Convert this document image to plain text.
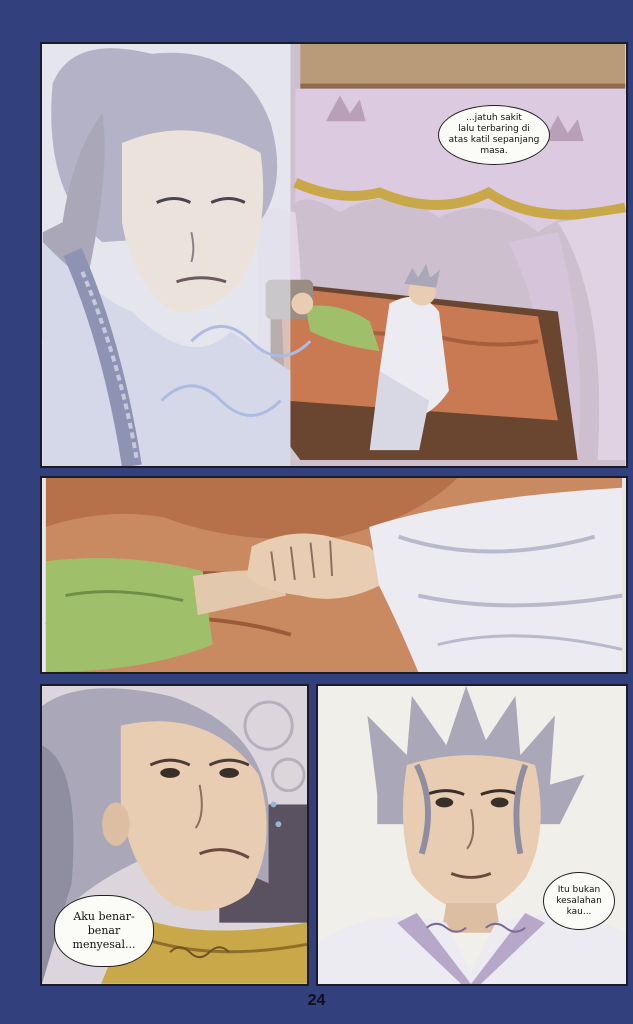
...jatuh sakit
lalu terbaring di
atas katil sepanjang
masa.
Aku benar-
benar
menyesal...
Itu bukan
kesalahan
kau...
24
